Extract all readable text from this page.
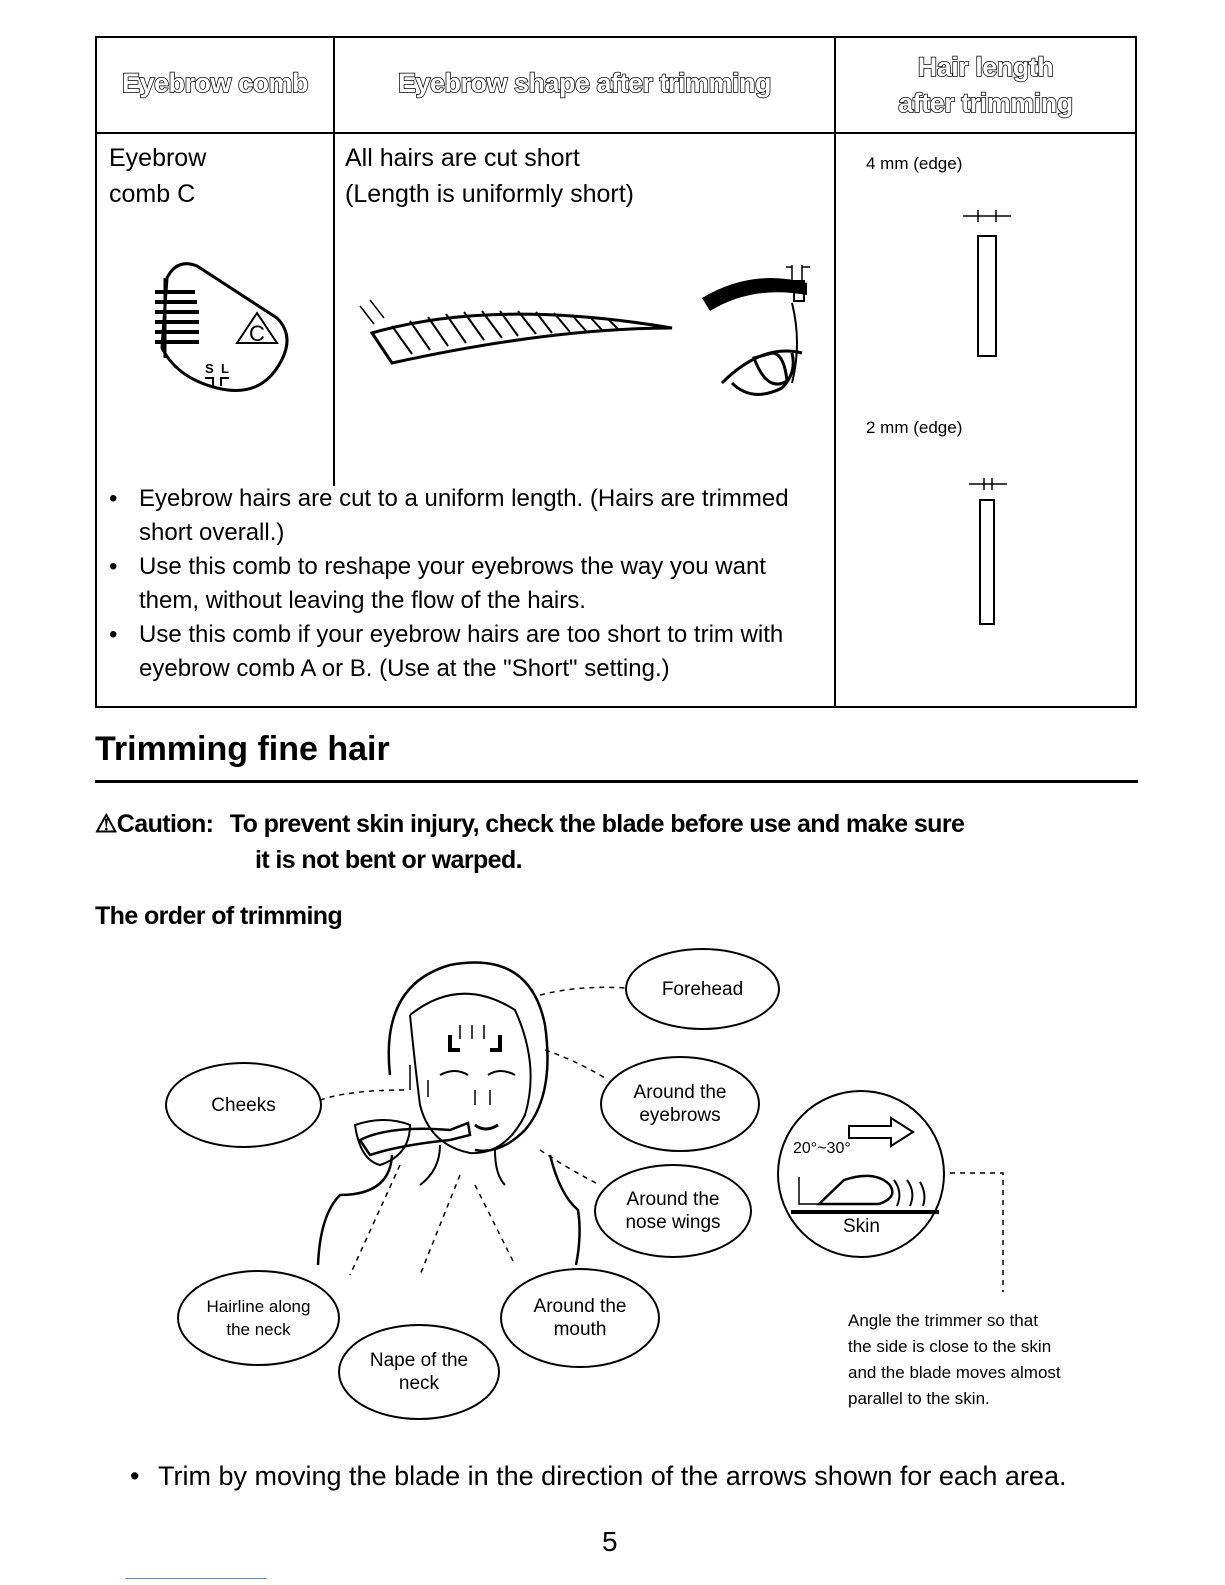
Eyebrow comb	Eyebrow shape after trimming
Hair length
after trimming
Eyebrow
comb C
All hairs are cut short
(Length is uniformly short)
C
S L
• Eyebrow hairs are cut to a uniform length. (Hairs are trimmed short overall.)
• Use this comb to reshape your eyebrows the way you want them, without leaving the flow of the hairs.
• Use this comb if your eyebrow hairs are too short to trim with eyebrow comb A or B. (Use at the "Short" setting.)
4 mm (edge)
2 mm (edge)
Trimming fine hair
⚠Caution: To prevent skin injury, check the blade before use and make sure
it is not bent or warped.
The order of trimming
Forehead
Around the
eyebrows
Around the
nose wings
Around the
mouth
Cheeks
Hairline along
the neck
Nape of the
neck
20°~30°
Skin
Angle the trimmer so that
the side is close to the skin
and the blade moves almost
parallel to the skin.
• Trim by moving the blade in the direction of the arrows shown for each area.
5
